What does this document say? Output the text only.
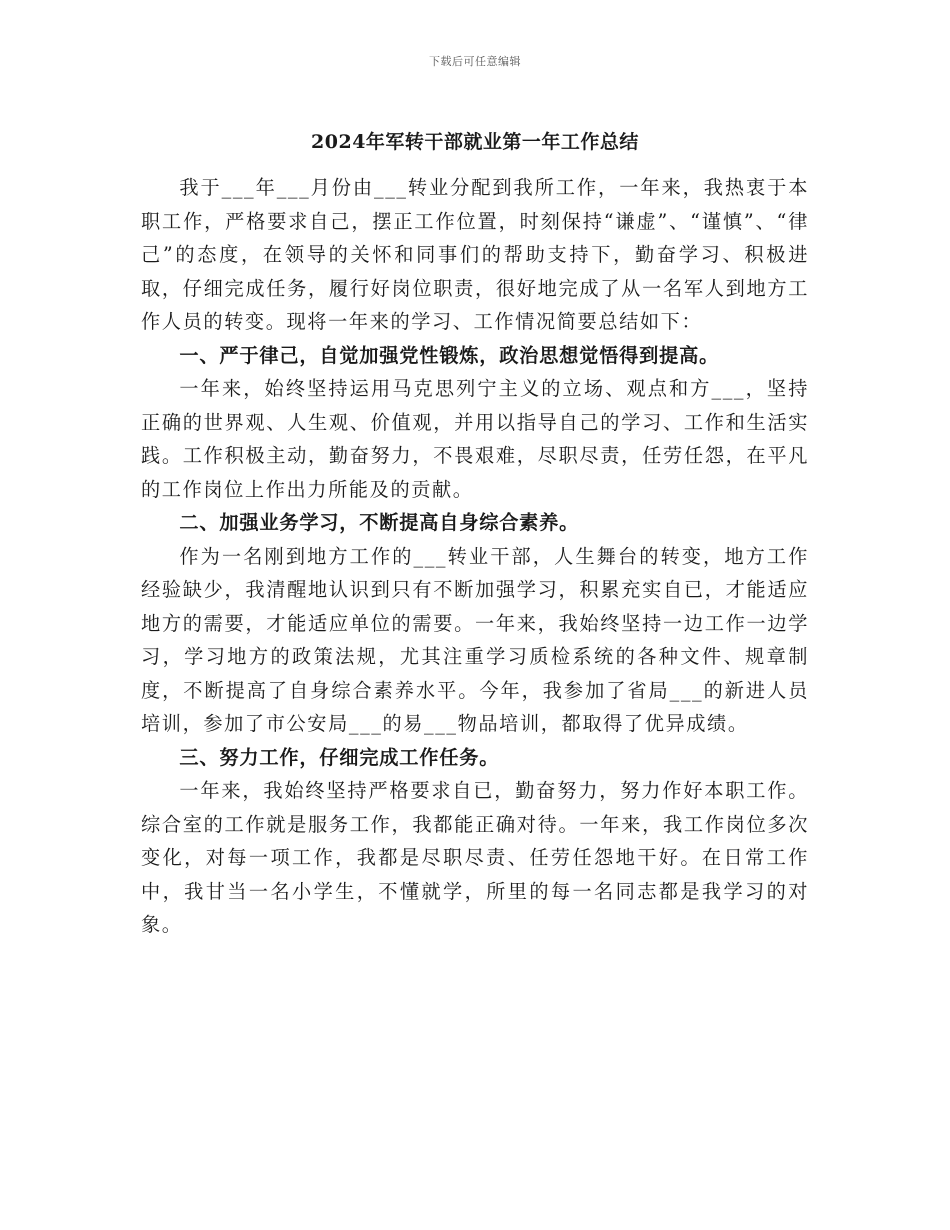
下载后可任意编辑
2024年军转干部就业第一年工作总结

我于___年___月份由___转业分配到我所工作，一年来，我热衷于本职工作，严格要求自己，摆正工作位置，时刻保持“谦虚”、“谨慎”、“律己”的态度，在领导的关怀和同事们的帮助支持下，勤奋学习、积极进取，仔细完成任务，履行好岗位职责，很好地完成了从一名军人到地方工作人员的转变。现将一年来的学习、工作情况简要总结如下：

一、严于律己，自觉加强党性锻炼，政治思想觉悟得到提高。

一年来，始终坚持运用马克思列宁主义的立场、观点和方___，坚持正确的世界观、人生观、价值观，并用以指导自己的学习、工作和生活实践。工作积极主动，勤奋努力，不畏艰难，尽职尽责，任劳任怨，在平凡的工作岗位上作出力所能及的贡献。

二、加强业务学习，不断提高自身综合素养。

作为一名刚到地方工作的___转业干部，人生舞台的转变，地方工作经验缺少，我清醒地认识到只有不断加强学习，积累充实自已，才能适应地方的需要，才能适应单位的需要。一年来，我始终坚持一边工作一边学习，学习地方的政策法规，尤其注重学习质检系统的各种文件、规章制度，不断提高了自身综合素养水平。今年，我参加了省局___的新进人员培训，参加了市公安局___的易___物品培训，都取得了优异成绩。

三、努力工作，仔细完成工作任务。

一年来，我始终坚持严格要求自已，勤奋努力，努力作好本职工作。综合室的工作就是服务工作，我都能正确对待。一年来，我工作岗位多次变化，对每一项工作，我都是尽职尽责、任劳任怨地干好。在日常工作中，我甘当一名小学生，不懂就学，所里的每一名同志都是我学习的对象。
